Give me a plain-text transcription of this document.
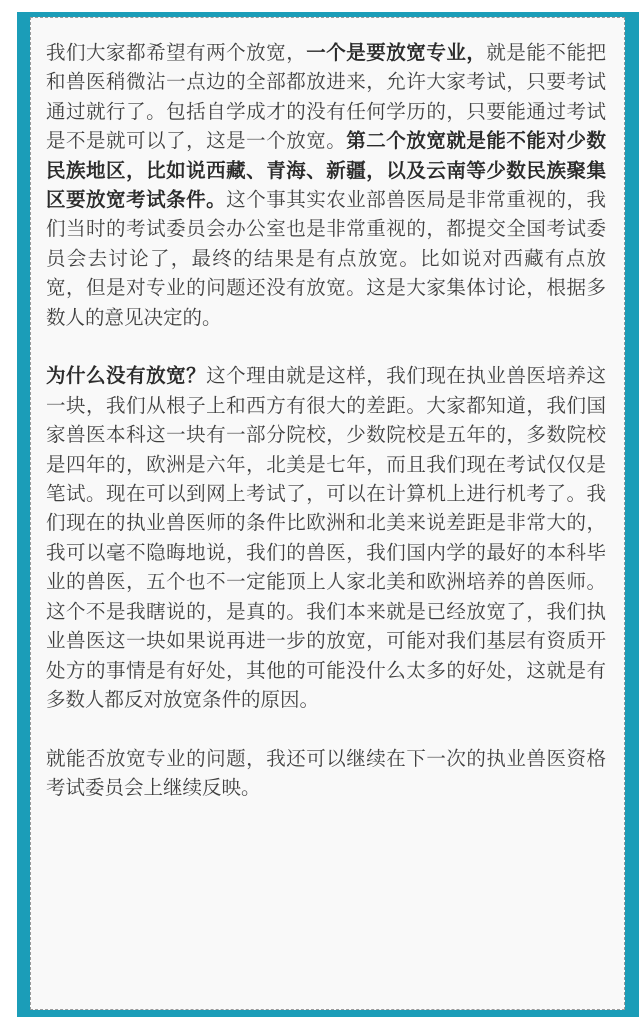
我们大家都希望有两个放宽，一个是要放宽专业，就是能不能把和兽医稍微沾一点边的全部都放进来，允许大家考试，只要考试通过就行了。包括自学成才的没有任何学历的，只要能通过考试是不是就可以了，这是一个放宽。第二个放宽就是能不能对少数民族地区，比如说西藏、青海、新疆，以及云南等少数民族聚集区要放宽考试条件。这个事其实农业部兽医局是非常重视的，我们当时的考试委员会办公室也是非常重视的，都提交全国考试委员会去讨论了，最终的结果是有点放宽。比如说对西藏有点放宽，但是对专业的问题还没有放宽。这是大家集体讨论，根据多数人的意见决定的。

为什么没有放宽？这个理由就是这样，我们现在执业兽医培养这一块，我们从根子上和西方有很大的差距。大家都知道，我们国家兽医本科这一块有一部分院校，少数院校是五年的，多数院校是四年的，欧洲是六年，北美是七年，而且我们现在考试仅仅是笔试。现在可以到网上考试了，可以在计算机上进行机考了。我们现在的执业兽医师的条件比欧洲和北美来说差距是非常大的，我可以毫不隐晦地说，我们的兽医，我们国内学的最好的本科毕业的兽医，五个也不一定能顶上人家北美和欧洲培养的兽医师。这个不是我瞎说的，是真的。我们本来就是已经放宽了，我们执业兽医这一块如果说再进一步的放宽，可能对我们基层有资质开处方的事情是有好处，其他的可能没什么太多的好处，这就是有多数人都反对放宽条件的原因。

就能否放宽专业的问题，我还可以继续在下一次的执业兽医资格考试委员会上继续反映。
